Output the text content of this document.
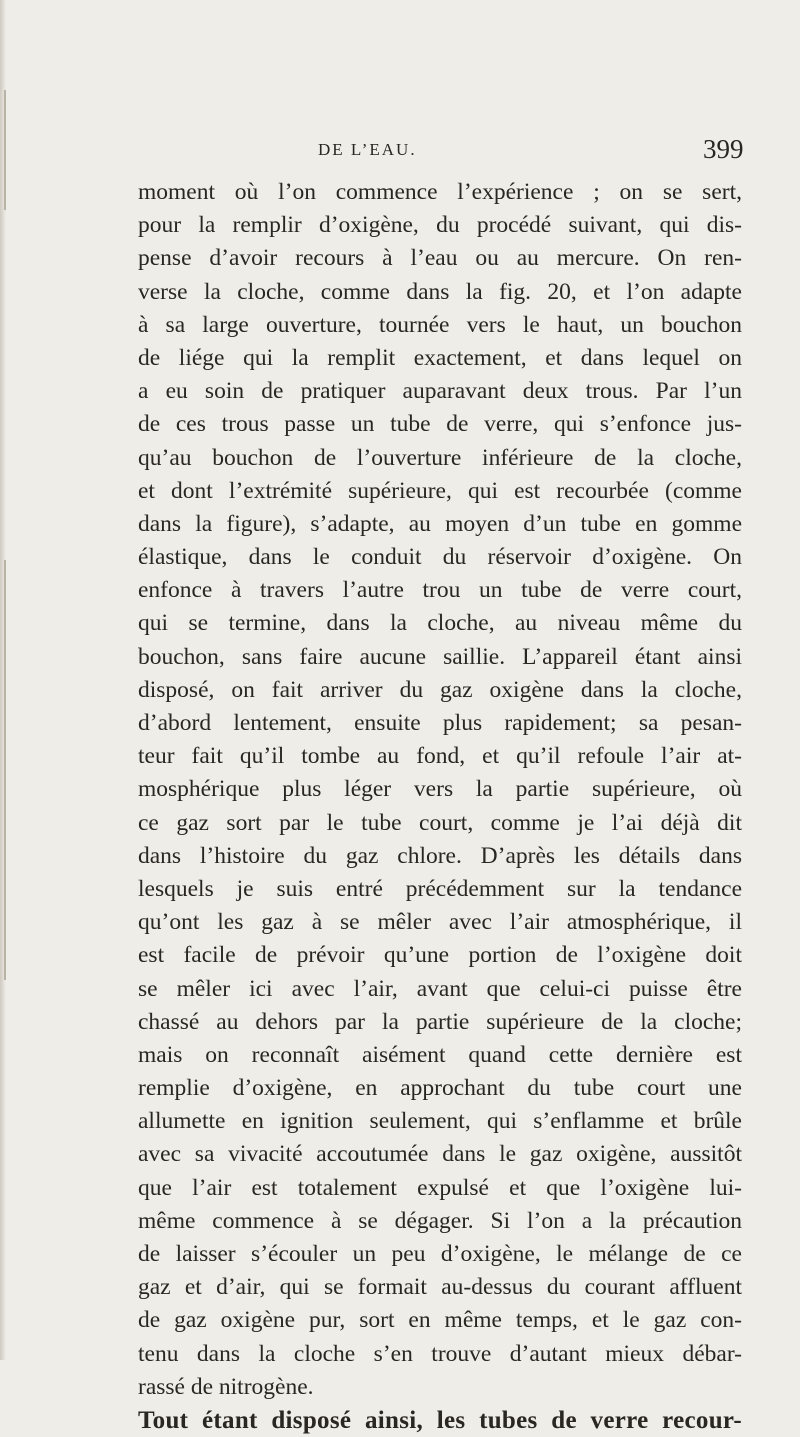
DE L’EAU.	399
moment où l’on commence l’expérience ; on se sert,
pour la remplir d’oxigène, du procédé suivant, qui dis-
pense d’avoir recours à l’eau ou au mercure. On ren-
verse la cloche, comme dans la fig. 20, et l’on adapte
à sa large ouverture, tournée vers le haut, un bouchon
de liége qui la remplit exactement, et dans lequel on
a eu soin de pratiquer auparavant deux trous. Par l’un
de ces trous passe un tube de verre, qui s’enfonce jus-
qu’au bouchon de l’ouverture inférieure de la cloche,
et dont l’extrémité supérieure, qui est recourbée (comme
dans la figure), s’adapte, au moyen d’un tube en gomme
élastique, dans le conduit du réservoir d’oxigène. On
enfonce à travers l’autre trou un tube de verre court,
qui se termine, dans la cloche, au niveau même du
bouchon, sans faire aucune saillie. L’appareil étant ainsi
disposé, on fait arriver du gaz oxigène dans la cloche,
d’abord lentement, ensuite plus rapidement; sa pesan-
teur fait qu’il tombe au fond, et qu’il refoule l’air at-
mosphérique plus léger vers la partie supérieure, où
ce gaz sort par le tube court, comme je l’ai déjà dit
dans l’histoire du gaz chlore. D’après les détails dans
lesquels je suis entré précédemment sur la tendance
qu’ont les gaz à se mêler avec l’air atmosphérique, il
est facile de prévoir qu’une portion de l’oxigène doit
se mêler ici avec l’air, avant que celui-ci puisse être
chassé au dehors par la partie supérieure de la cloche;
mais on reconnaît aisément quand cette dernière est
remplie d’oxigène, en approchant du tube court une
allumette en ignition seulement, qui s’enflamme et brûle
avec sa vivacité accoutumée dans le gaz oxigène, aussitôt
que l’air est totalement expulsé et que l’oxigène lui-
même commence à se dégager. Si l’on a la précaution
de laisser s’écouler un peu d’oxigène, le mélange de ce
gaz et d’air, qui se formait au-dessus du courant affluent
de gaz oxigène pur, sort en même temps, et le gaz con-
tenu dans la cloche s’en trouve d’autant mieux débar-
rassé de nitrogène.
Tout étant disposé ainsi, les tubes de verre recour-
